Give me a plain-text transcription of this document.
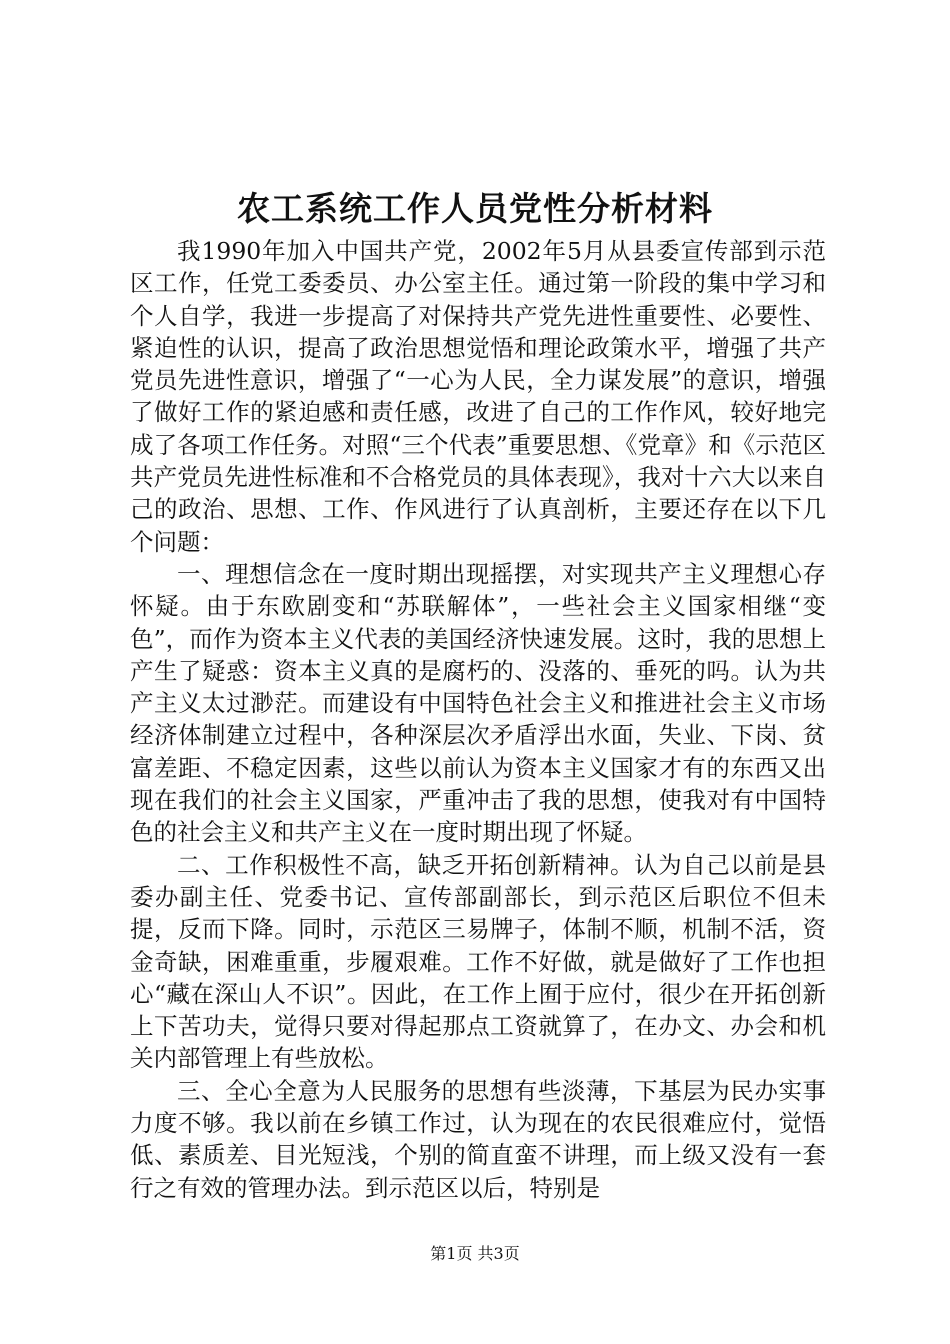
农工系统工作人员党性分析材料

我1990年加入中国共产党，2002年5月从县委宣传部到示范区工作，任党工委委员、办公室主任。通过第一阶段的集中学习和个人自学，我进一步提高了对保持共产党先进性重要性、必要性、紧迫性的认识，提高了政治思想觉悟和理论政策水平，增强了共产党员先进性意识，增强了“一心为人民，全力谋发展”的意识，增强了做好工作的紧迫感和责任感，改进了自己的工作作风，较好地完成了各项工作任务。对照“三个代表”重要思想、《党章》和《示范区共产党员先进性标准和不合格党员的具体表现》，我对十六大以来自己的政治、思想、工作、作风进行了认真剖析，主要还存在以下几个问题：

一、理想信念在一度时期出现摇摆，对实现共产主义理想心存怀疑。由于东欧剧变和“苏联解体”，一些社会主义国家相继“变色”，而作为资本主义代表的美国经济快速发展。这时，我的思想上产生了疑惑：资本主义真的是腐朽的、没落的、垂死的吗。认为共产主义太过渺茫。而建设有中国特色社会主义和推进社会主义市场经济体制建立过程中，各种深层次矛盾浮出水面，失业、下岗、贫富差距、不稳定因素，这些以前认为资本主义国家才有的东西又出现在我们的社会主义国家，严重冲击了我的思想，使我对有中国特色的社会主义和共产主义在一度时期出现了怀疑。

二、工作积极性不高，缺乏开拓创新精神。认为自己以前是县委办副主任、党委书记、宣传部副部长，到示范区后职位不但未提，反而下降。同时，示范区三易牌子，体制不顺，机制不活，资金奇缺，困难重重，步履艰难。工作不好做，就是做好了工作也担心“藏在深山人不识”。因此，在工作上囿于应付，很少在开拓创新上下苦功夫，觉得只要对得起那点工资就算了，在办文、办会和机关内部管理上有些放松。

三、全心全意为人民服务的思想有些淡薄，下基层为民办实事力度不够。我以前在乡镇工作过，认为现在的农民很难应付，觉悟低、素质差、目光短浅，个别的简直蛮不讲理，而上级又没有一套行之有效的管理办法。到示范区以后，特别是

第1页 共3页
